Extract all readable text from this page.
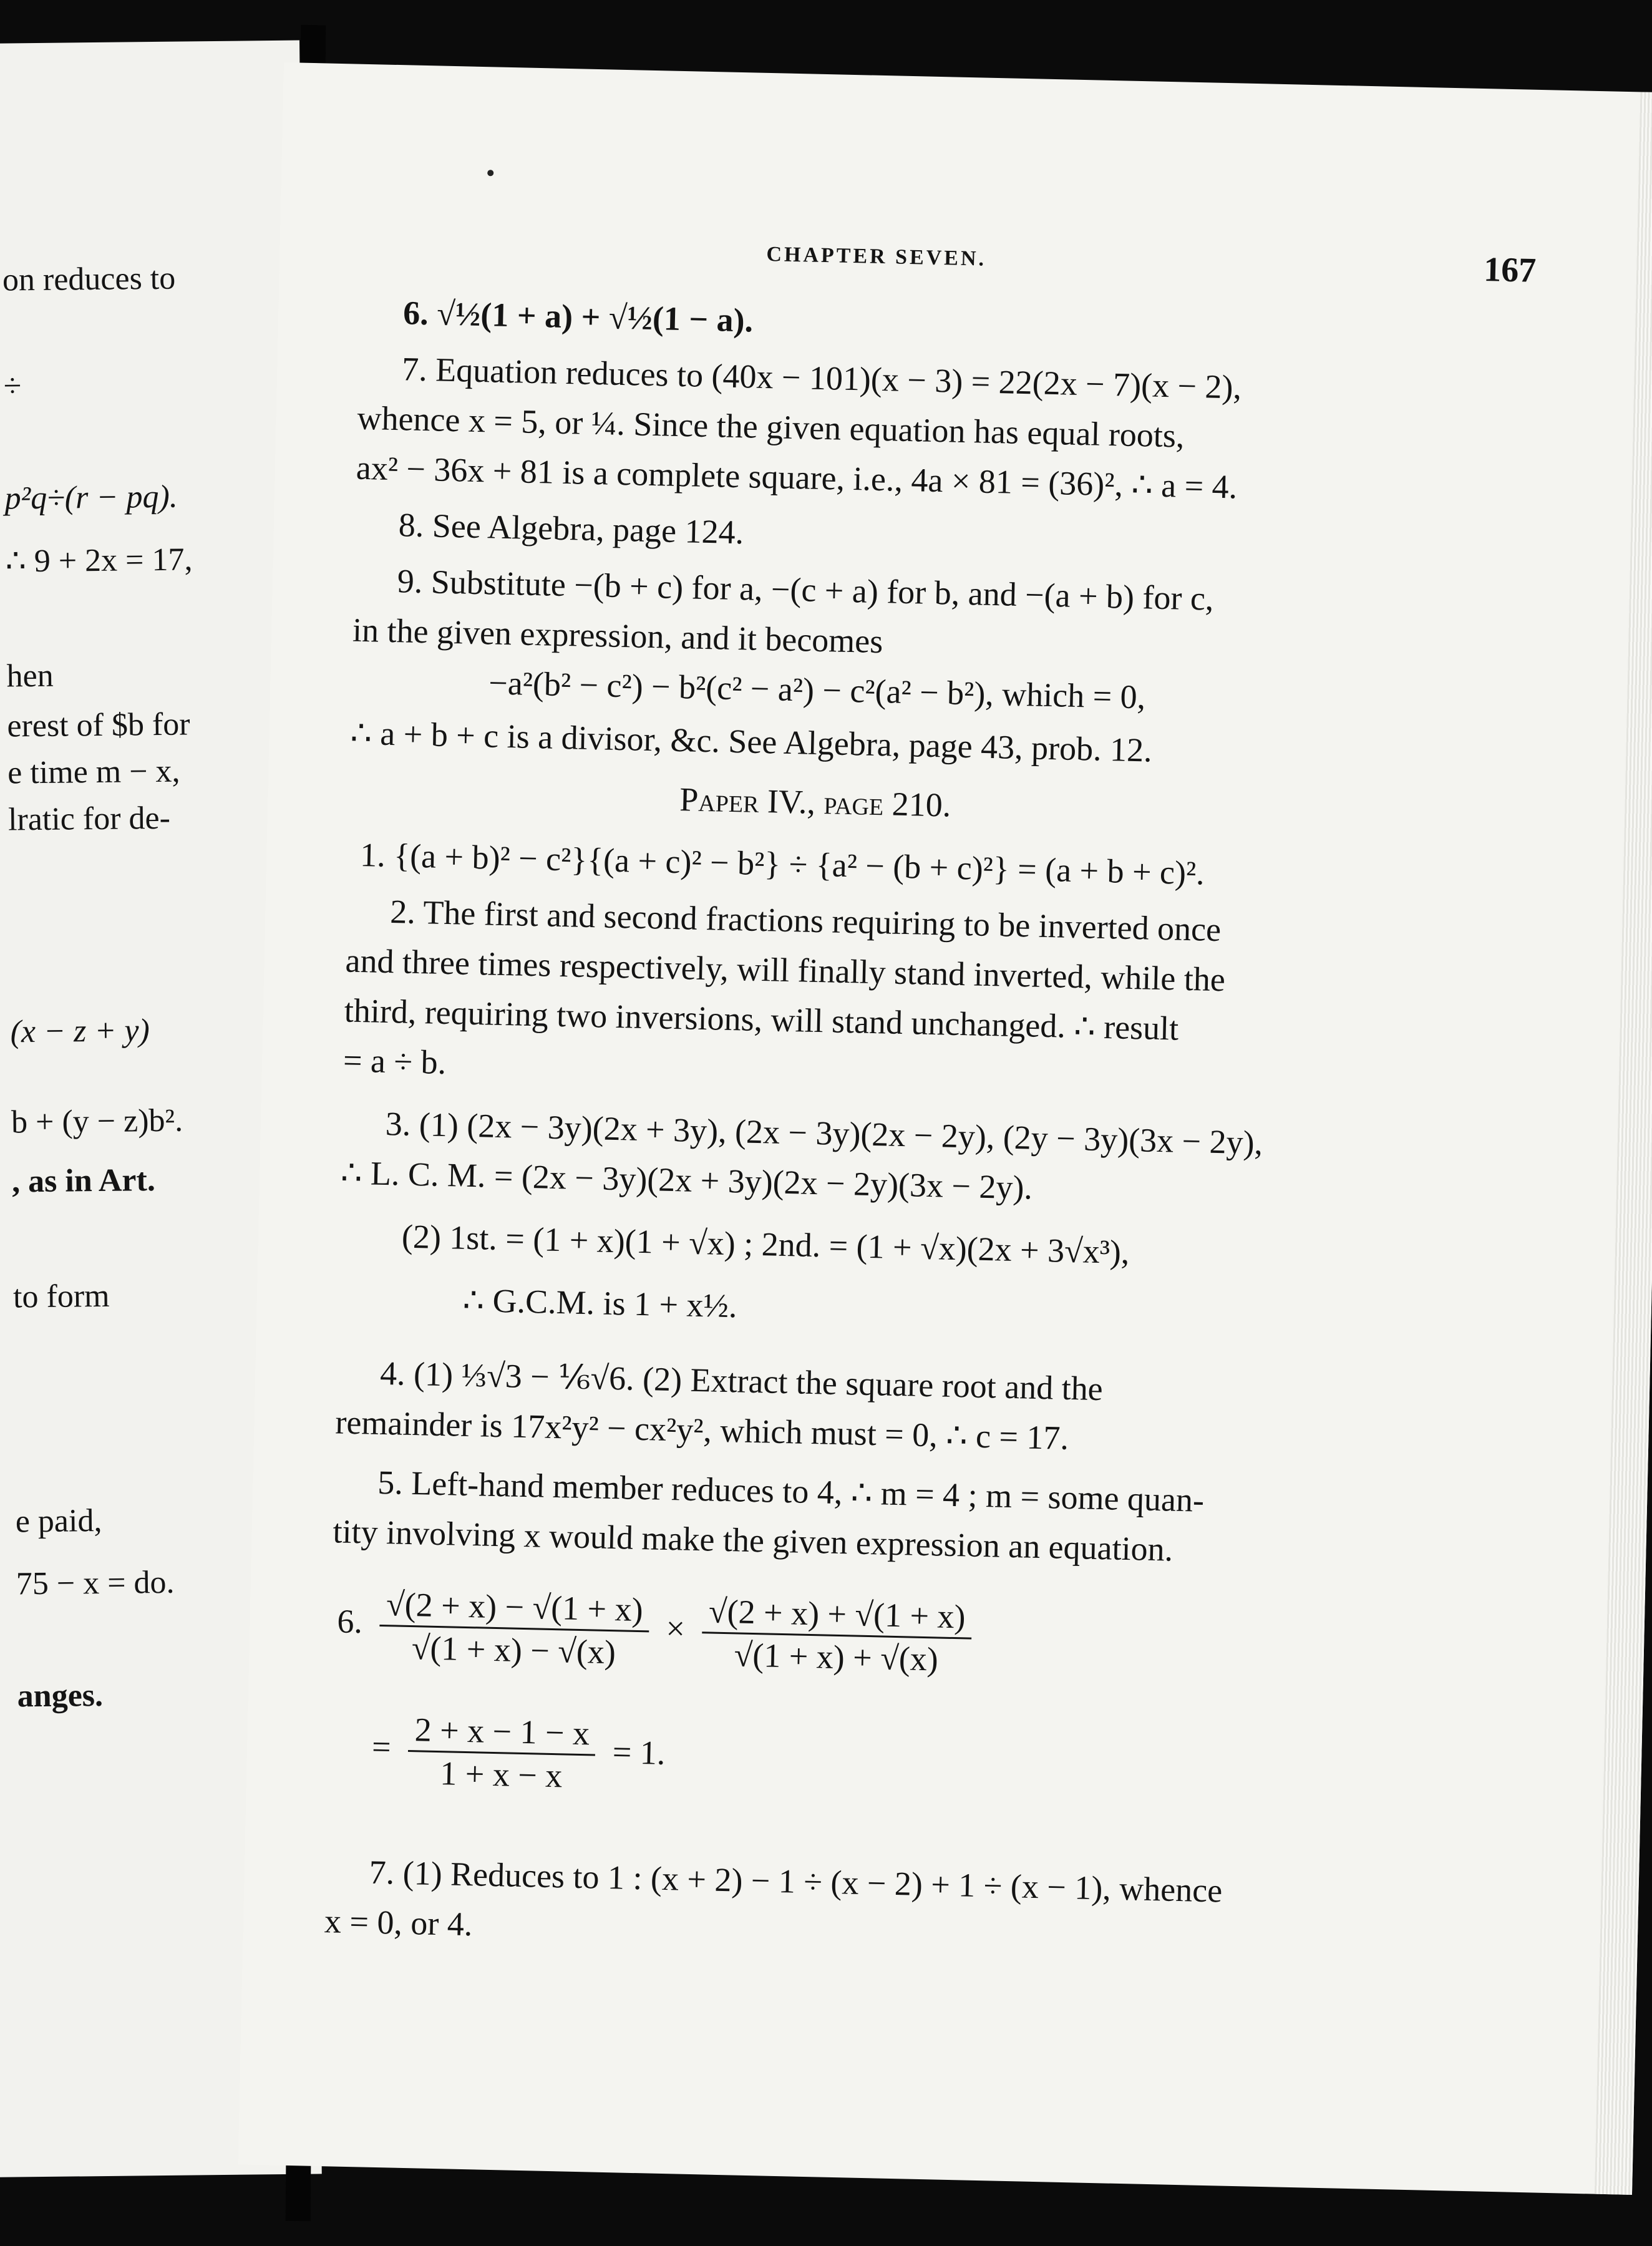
on reduces to
÷
p²q÷(r − pq).
∴ 9 + 2x = 17,
hen
erest of $b for
e time m − x,
lratic for de-
(x − z + y)
b + (y − z)b².
, as in Art.
to form
e paid,
75 − x = do.
anges.
CHAPTER SEVEN.	167
6. √½(1 + a) + √½(1 − a).
7. Equation reduces to (40x − 101)(x − 3) = 22(2x − 7)(x − 2),
whence x = 5, or ¼. Since the given equation has equal roots,
ax² − 36x + 81 is a complete square, i.e., 4a × 81 = (36)², ∴ a = 4.
8. See Algebra, page 124.
9. Substitute −(b + c) for a, −(c + a) for b, and −(a + b) for c,
in the given expression, and it becomes
−a²(b² − c²) − b²(c² − a²) − c²(a² − b²), which = 0,
∴ a + b + c is a divisor, &c. See Algebra, page 43, prob. 12.
Paper IV., page 210.
1. {(a + b)² − c²}{(a + c)² − b²} ÷ {a² − (b + c)²} = (a + b + c)².
2. The first and second fractions requiring to be inverted once
and three times respectively, will finally stand inverted, while the
third, requiring two inversions, will stand unchanged. ∴ result
= a ÷ b.
3. (1) (2x − 3y)(2x + 3y), (2x − 3y)(2x − 2y), (2y − 3y)(3x − 2y),
∴ L. C. M. = (2x − 3y)(2x + 3y)(2x − 2y)(3x − 2y).
(2) 1st. = (1 + x)(1 + √x) ; 2nd. = (1 + √x)(2x + 3√x³),
∴ G.C.M. is 1 + x½.
4. (1) ⅓√3 − ⅙√6. (2) Extract the square root and the
remainder is 17x²y² − cx²y², which must = 0, ∴ c = 17.
5. Left-hand member reduces to 4, ∴ m = 4 ; m = some quan-
tity involving x would make the given expression an equation.
6. $\frac{√(2 + x) - √(1 + x)}{√(1 + x) - √(x)} \times \frac{√(2 + x) + √(1 + x)}{√(1 + x) + √(x)}$
= $\frac{2 + x - 1 - x}{1 + x - x} = 1$.
7. (1) Reduces to 1 : (x + 2) − 1 ÷ (x − 2) + 1 ÷ (x − 1), whence
x = 0, or 4.
